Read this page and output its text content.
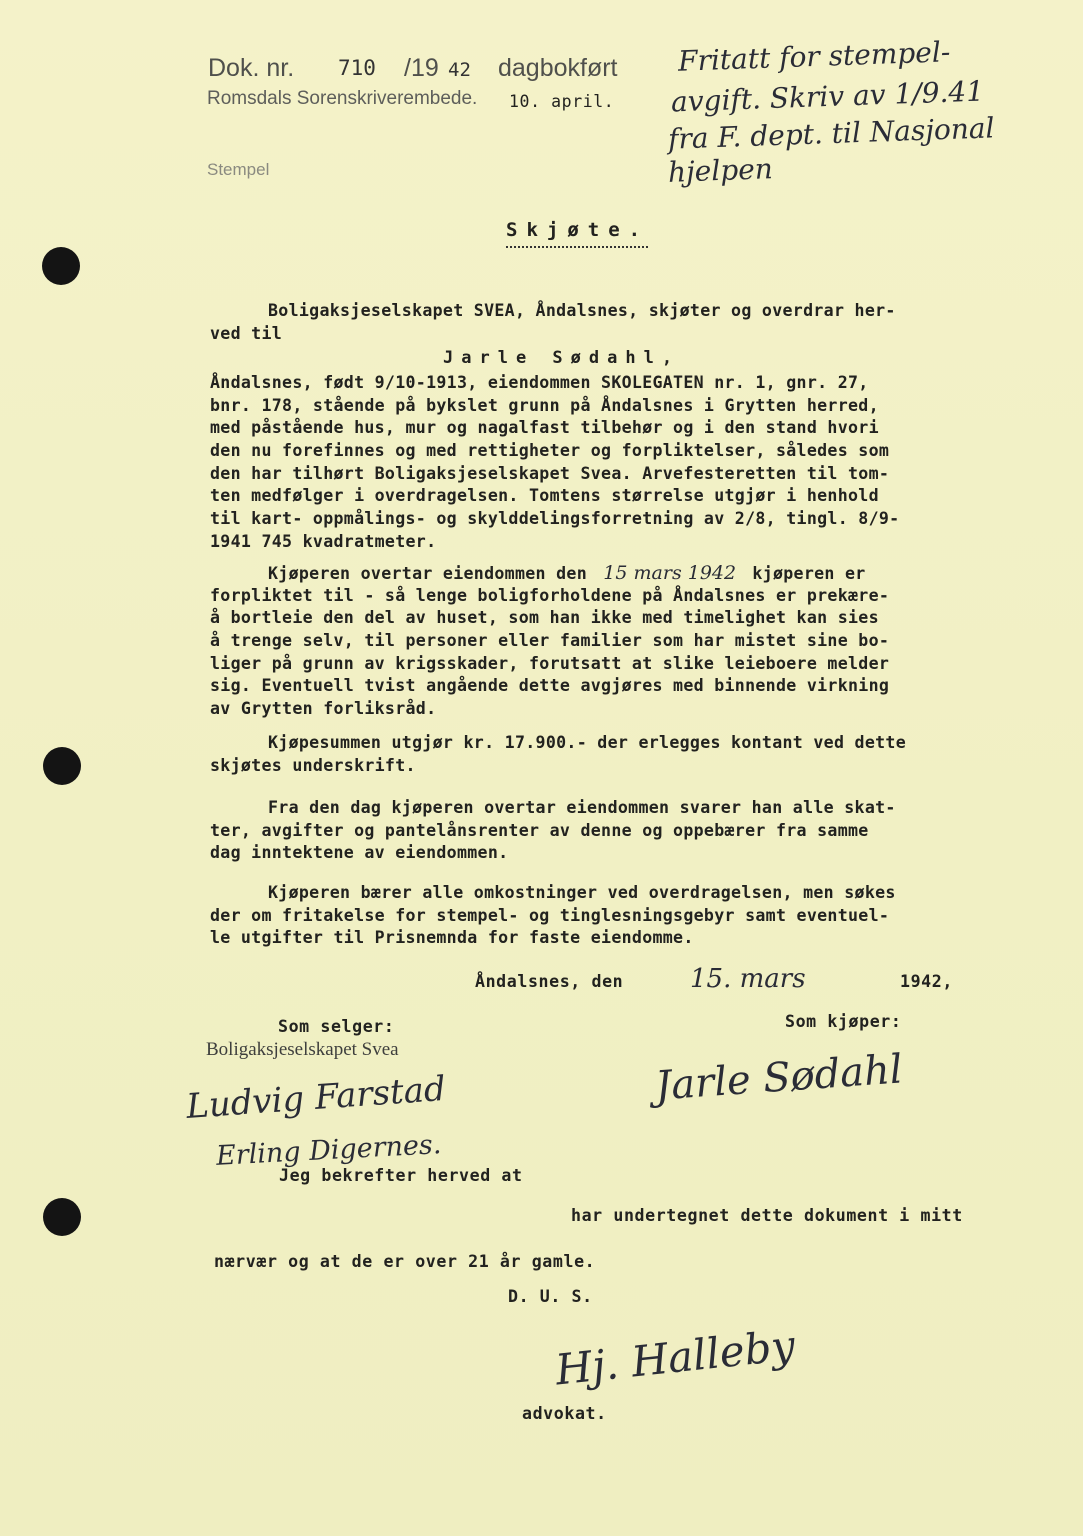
Dok. nr. 710 /19 42 dagbokført
Romsdals Sorenskriverembede. 10. april.
Stempel
Fritatt for stempel-
avgift. Skriv av 1/9.41
fra F. dept. til Nasjonal
hjelpen
Skjøte.
Boligaksjeselskapet SVEA, Åndalsnes, skjøter og overdrar her-
ved til
Jarle Sødahl,
Åndalsnes, født 9/10-1913, eiendommen SKOLEGATEN nr. 1, gnr. 27,
bnr. 178, stående på bykslet grunn på Åndalsnes i Grytten herred,
med påstående hus, mur og nagalfast tilbehør og i den stand hvori
den nu forefinnes og med rettigheter og forpliktelser, således som
den har tilhørt Boligaksjeselskapet Svea. Arvefesteretten til tom-
ten medfølger i overdragelsen. Tomtens størrelse utgjør i henhold
til kart- oppmålings- og skylddelingsforretning av 2/8, tingl. 8/9-
1941 745 kvadratmeter.
Kjøperen overtar eiendommen den 15 mars 1942 kjøperen er
forpliktet til - så lenge boligforholdene på Åndalsnes er prekære-
å bortleie den del av huset, som han ikke med timelighet kan sies
å trenge selv, til personer eller familier som har mistet sine bo-
liger på grunn av krigsskader, forutsatt at slike leieboere melder
sig. Eventuell tvist angående dette avgjøres med binnende virkning
av Grytten forliksråd.
Kjøpesummen utgjør kr. 17.900.- der erlegges kontant ved dette
skjøtes underskrift.
Fra den dag kjøperen overtar eiendommen svarer han alle skat-
ter, avgifter og pantelånsrenter av denne og oppebærer fra samme
dag inntektene av eiendommen.
Kjøperen bærer alle omkostninger ved overdragelsen, men søkes
der om fritakelse for stempel- og tinglesningsgebyr samt eventuel-
le utgifter til Prisnemnda for faste eiendomme.
Åndalsnes, den	15. mars	1942,
Som selger:
Boligaksjeselskapet Svea
Ludvig Farstad
Erling Digernes.
Som kjøper:
Jarle Sødahl
Jeg bekrefter herved at
har undertegnet dette dokument i mitt
nærvær og at de er over 21 år gamle.
D. U. S.
Hj. Halleby
advokat.
